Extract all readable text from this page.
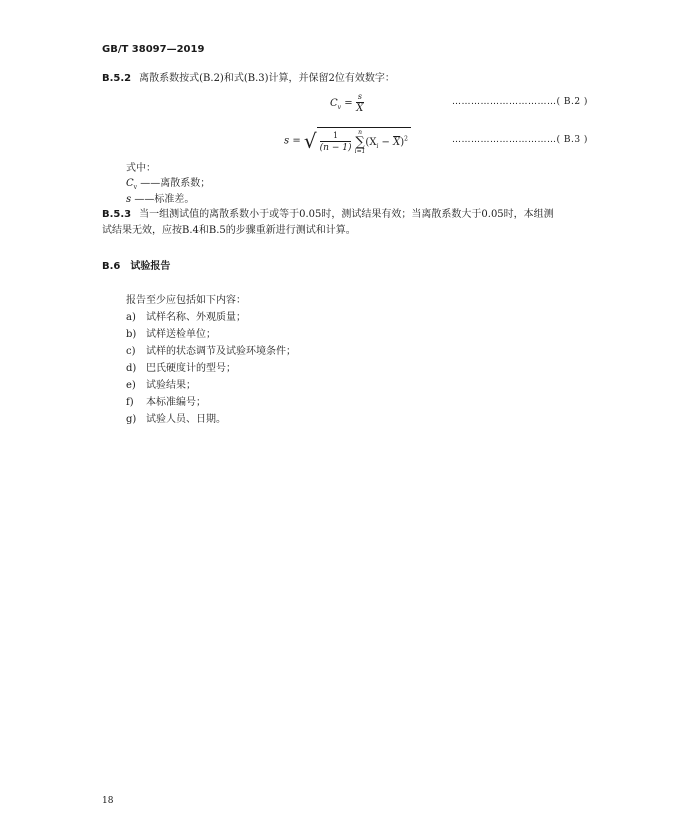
GB/T 38097—2019
B.5.2 离散系数按式(B.2)和式(B.3)计算，并保留2位有效数字：
$C_v = \frac{s}{X}$	……………………………( B.2 )
s = √ $\frac{1}{(n - 1)}$
	n
∑
i=1
$(X_i - \overline{X})^2$	……………………………( B.3 )
式中：
$C_v$ ——离散系数；
s ——标准差。
B.5.3 当一组测试值的离散系数小于或等于0.05时，测试结果有效；当离散系数大于0.05时，本组测
试结果无效，应按B.4和B.5的步骤重新进行测试和计算。
B.6 试验报告
报告至少应包括如下内容：
a) 试样名称、外观质量；
b) 试样送检单位；
c) 试样的状态调节及试验环境条件；
d) 巴氏硬度计的型号；
e) 试验结果；
f) 本标准编号；
g) 试验人员、日期。
18
